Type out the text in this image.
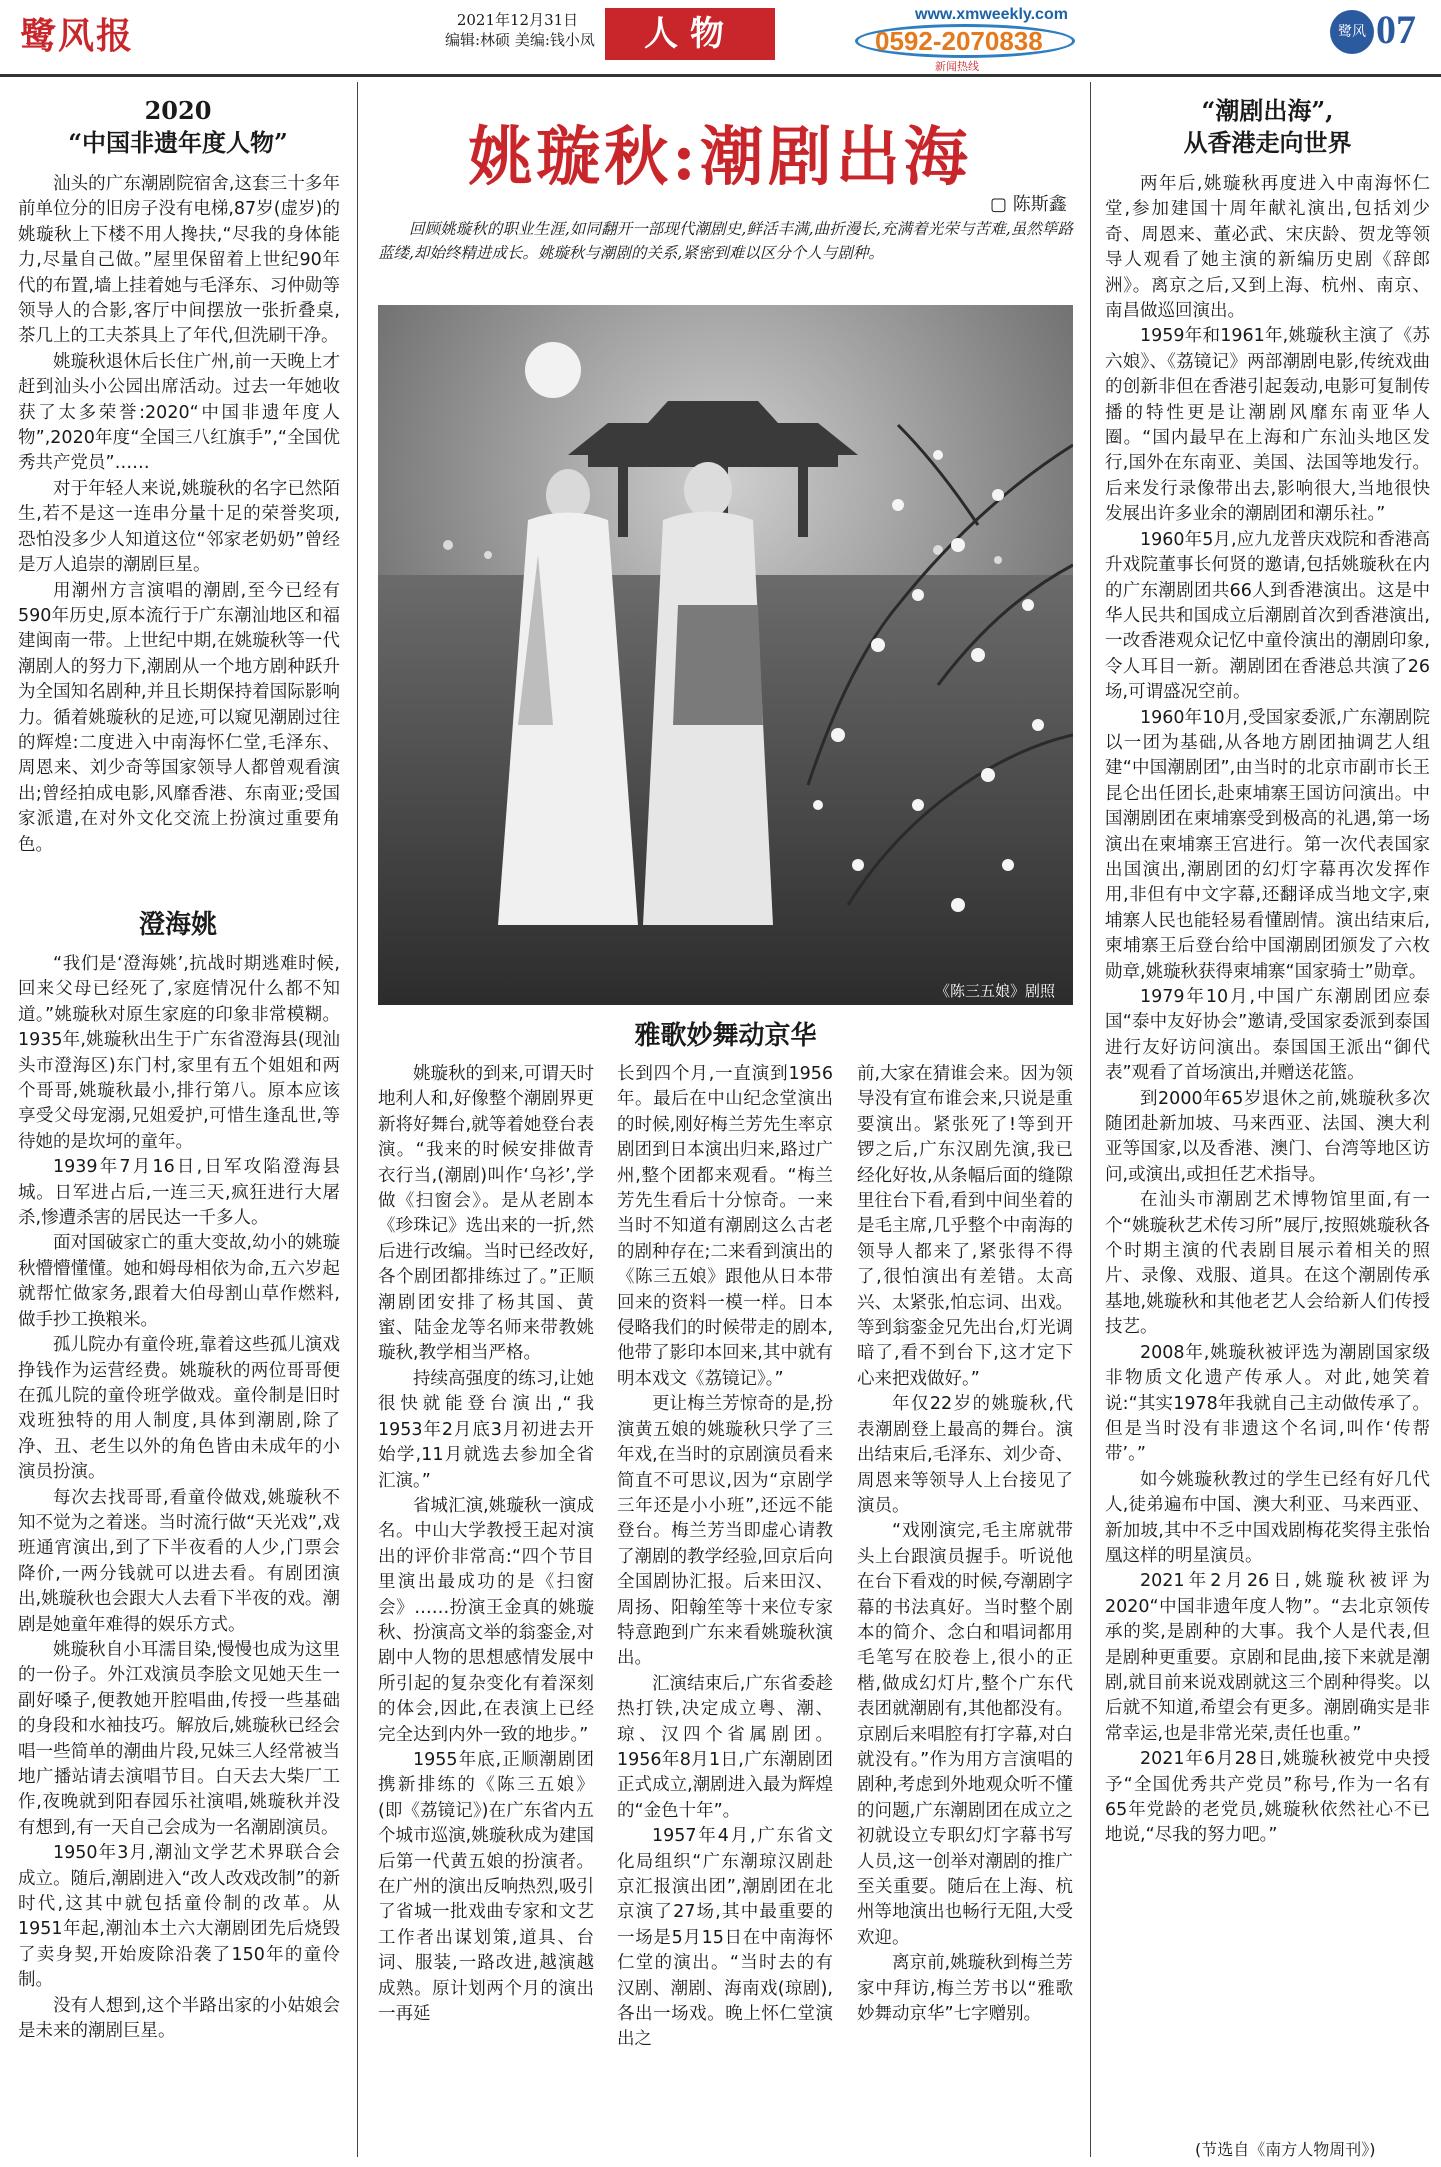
鹭风报	2021年12月31日
编辑:林硕 美编:钱小凤	人物	www.xmweekly.com
0592-2070838
新闻热线
鹭风 07
2020
“中国非遗年度人物”

汕头的广东潮剧院宿舍,这套三十多年前单位分的旧房子没有电梯,87岁(虚岁)的姚璇秋上下楼不用人搀扶,“尽我的身体能力,尽量自己做。”屋里保留着上世纪90年代的布置,墙上挂着她与毛泽东、习仲勋等领导人的合影,客厅中间摆放一张折叠桌,茶几上的工夫茶具上了年代,但洗刷干净。

姚璇秋退休后长住广州,前一天晚上才赶到汕头小公园出席活动。过去一年她收获了太多荣誉:2020“中国非遗年度人物”,2020年度“全国三八红旗手”,“全国优秀共产党员”……

对于年轻人来说,姚璇秋的名字已然陌生,若不是这一连串分量十足的荣誉奖项,恐怕没多少人知道这位“邻家老奶奶”曾经是万人追崇的潮剧巨星。

用潮州方言演唱的潮剧,至今已经有590年历史,原本流行于广东潮汕地区和福建闽南一带。上世纪中期,在姚璇秋等一代潮剧人的努力下,潮剧从一个地方剧种跃升为全国知名剧种,并且长期保持着国际影响力。循着姚璇秋的足迹,可以窥见潮剧过往的辉煌:二度进入中南海怀仁堂,毛泽东、周恩来、刘少奇等国家领导人都曾观看演出;曾经拍成电影,风靡香港、东南亚;受国家派遣,在对外文化交流上扮演过重要角色。

澄海姚

“我们是‘澄海姚’,抗战时期逃难时候,回来父母已经死了,家庭情况什么都不知道。”姚璇秋对原生家庭的印象非常模糊。1935年,姚璇秋出生于广东省澄海县(现汕头市澄海区)东门村,家里有五个姐姐和两个哥哥,姚璇秋最小,排行第八。原本应该享受父母宠溺,兄姐爱护,可惜生逢乱世,等待她的是坎坷的童年。

1939年7月16日,日军攻陷澄海县城。日军进占后,一连三天,疯狂进行大屠杀,惨遭杀害的居民达一千多人。

面对国破家亡的重大变故,幼小的姚璇秋懵懵懂懂。她和姆母相依为命,五六岁起就帮忙做家务,跟着大伯母割山草作燃料,做手抄工换粮米。

孤儿院办有童伶班,靠着这些孤儿演戏挣钱作为运营经费。姚璇秋的两位哥哥便在孤儿院的童伶班学做戏。童伶制是旧时戏班独特的用人制度,具体到潮剧,除了净、丑、老生以外的角色皆由未成年的小演员扮演。

每次去找哥哥,看童伶做戏,姚璇秋不知不觉为之着迷。当时流行做“天光戏”,戏班通宵演出,到了下半夜看的人少,门票会降价,一两分钱就可以进去看。有剧团演出,姚璇秋也会跟大人去看下半夜的戏。潮剧是她童年难得的娱乐方式。

姚璇秋自小耳濡目染,慢慢也成为这里的一份子。外江戏演员李脍文见她天生一副好嗓子,便教她开腔唱曲,传授一些基础的身段和水袖技巧。解放后,姚璇秋已经会唱一些简单的潮曲片段,兄妹三人经常被当地广播站请去演唱节目。白天去大柴厂工作,夜晚就到阳春园乐社演唱,姚璇秋并没有想到,有一天自己会成为一名潮剧演员。

1950年3月,潮汕文学艺术界联合会成立。随后,潮剧进入“改人改戏改制”的新时代,这其中就包括童伶制的改革。从1951年起,潮汕本土六大潮剧团先后烧毁了卖身契,开始废除沿袭了150年的童伶制。

没有人想到,这个半路出家的小姑娘会是未来的潮剧巨星。

姚璇秋:潮剧出海
▢ 陈斯鑫
回顾姚璇秋的职业生涯,如同翻开一部现代潮剧史,鲜活丰满,曲折漫长,充满着光荣与苦难,虽然筚路蓝缕,却始终精进成长。姚璇秋与潮剧的关系,紧密到难以区分个人与剧种。
《陈三五娘》剧照
雅歌妙舞动京华

姚璇秋的到来,可谓天时地利人和,好像整个潮剧界更新将好舞台,就等着她登台表演。“我来的时候安排做青衣行当,(潮剧)叫作‘乌衫’,学做《扫窗会》。是从老剧本《珍珠记》选出来的一折,然后进行改编。当时已经改好,各个剧团都排练过了。”正顺潮剧团安排了杨其国、黄蜜、陆金龙等名师来带教姚璇秋,教学相当严格。

持续高强度的练习,让她很快就能登台演出,“我1953年2月底3月初进去开始学,11月就选去参加全省汇演。”

省城汇演,姚璇秋一演成名。中山大学教授王起对演出的评价非常高:“四个节目里演出最成功的是《扫窗会》……扮演王金真的姚璇秋、扮演高文举的翁銮金,对剧中人物的思想感情发展中所引起的复杂变化有着深刻的体会,因此,在表演上已经完全达到内外一致的地步。”

1955年底,正顺潮剧团携新排练的《陈三五娘》(即《荔镜记》)在广东省内五个城市巡演,姚璇秋成为建国后第一代黄五娘的扮演者。在广州的演出反响热烈,吸引了省城一批戏曲专家和文艺工作者出谋划策,道具、台词、服装,一路改进,越演越成熟。原计划两个月的演出一再延

长到四个月,一直演到1956年。最后在中山纪念堂演出的时候,刚好梅兰芳先生率京剧团到日本演出归来,路过广州,整个团都来观看。“梅兰芳先生看后十分惊奇。一来当时不知道有潮剧这么古老的剧种存在;二来看到演出的《陈三五娘》跟他从日本带回来的资料一模一样。日本侵略我们的时候带走的剧本,他带了影印本回来,其中就有明本戏文《荔镜记》。”

更让梅兰芳惊奇的是,扮演黄五娘的姚璇秋只学了三年戏,在当时的京剧演员看来简直不可思议,因为“京剧学三年还是小小班”,还远不能登台。梅兰芳当即虚心请教了潮剧的教学经验,回京后向全国剧协汇报。后来田汉、周扬、阳翰笙等十来位专家特意跑到广东来看姚璇秋演出。

汇演结束后,广东省委趁热打铁,决定成立粤、潮、琼、汉四个省属剧团。1956年8月1日,广东潮剧团正式成立,潮剧进入最为辉煌的“金色十年”。

1957年4月,广东省文化局组织“广东潮琼汉剧赴京汇报演出团”,潮剧团在北京演了27场,其中最重要的一场是5月15日在中南海怀仁堂的演出。“当时去的有汉剧、潮剧、海南戏(琼剧),各出一场戏。晚上怀仁堂演出之

前,大家在猜谁会来。因为领导没有宣布谁会来,只说是重要演出。紧张死了!等到开锣之后,广东汉剧先演,我已经化好妆,从条幅后面的缝隙里往台下看,看到中间坐着的是毛主席,几乎整个中南海的领导人都来了,紧张得不得了,很怕演出有差错。太高兴、太紧张,怕忘词、出戏。等到翁銮金兄先出台,灯光调暗了,看不到台下,这才定下心来把戏做好。”

年仅22岁的姚璇秋,代表潮剧登上最高的舞台。演出结束后,毛泽东、刘少奇、周恩来等领导人上台接见了演员。

“戏刚演完,毛主席就带头上台跟演员握手。听说他在台下看戏的时候,夸潮剧字幕的书法真好。当时整个剧本的简介、念白和唱词都用毛笔写在胶卷上,很小的正楷,做成幻灯片,整个广东代表团就潮剧有,其他都没有。京剧后来唱腔有打字幕,对白就没有。”作为用方言演唱的剧种,考虑到外地观众听不懂的问题,广东潮剧团在成立之初就设立专职幻灯字幕书写人员,这一创举对潮剧的推广至关重要。随后在上海、杭州等地演出也畅行无阻,大受欢迎。

离京前,姚璇秋到梅兰芳家中拜访,梅兰芳书以“雅歌妙舞动京华”七字赠别。

“潮剧出海”,
从香港走向世界

两年后,姚璇秋再度进入中南海怀仁堂,参加建国十周年献礼演出,包括刘少奇、周恩来、董必武、宋庆龄、贺龙等领导人观看了她主演的新编历史剧《辞郎洲》。离京之后,又到上海、杭州、南京、南昌做巡回演出。

1959年和1961年,姚璇秋主演了《苏六娘》、《荔镜记》两部潮剧电影,传统戏曲的创新非但在香港引起轰动,电影可复制传播的特性更是让潮剧风靡东南亚华人圈。“国内最早在上海和广东汕头地区发行,国外在东南亚、美国、法国等地发行。后来发行录像带出去,影响很大,当地很快发展出许多业余的潮剧团和潮乐社。”

1960年5月,应九龙普庆戏院和香港高升戏院董事长何贤的邀请,包括姚璇秋在内的广东潮剧团共66人到香港演出。这是中华人民共和国成立后潮剧首次到香港演出,一改香港观众记忆中童伶演出的潮剧印象,令人耳目一新。潮剧团在香港总共演了26场,可谓盛况空前。

1960年10月,受国家委派,广东潮剧院以一团为基础,从各地方剧团抽调艺人组建“中国潮剧团”,由当时的北京市副市长王昆仑出任团长,赴柬埔寨王国访问演出。中国潮剧团在柬埔寨受到极高的礼遇,第一场演出在柬埔寨王宫进行。第一次代表国家出国演出,潮剧团的幻灯字幕再次发挥作用,非但有中文字幕,还翻译成当地文字,柬埔寨人民也能轻易看懂剧情。演出结束后,柬埔寨王后登台给中国潮剧团颁发了六枚勋章,姚璇秋获得柬埔寨“国家骑士”勋章。

1979年10月,中国广东潮剧团应泰国“泰中友好协会”邀请,受国家委派到泰国进行友好访问演出。泰国国王派出“御代表”观看了首场演出,并赠送花篮。

到2000年65岁退休之前,姚璇秋多次随团赴新加坡、马来西亚、法国、澳大利亚等国家,以及香港、澳门、台湾等地区访问,或演出,或担任艺术指导。

在汕头市潮剧艺术博物馆里面,有一个“姚璇秋艺术传习所”展厅,按照姚璇秋各个时期主演的代表剧目展示着相关的照片、录像、戏服、道具。在这个潮剧传承基地,姚璇秋和其他老艺人会给新人们传授技艺。

2008年,姚璇秋被评选为潮剧国家级非物质文化遗产传承人。对此,她笑着说:“其实1978年我就自己主动做传承了。但是当时没有非遗这个名词,叫作‘传帮带’。”

如今姚璇秋教过的学生已经有好几代人,徒弟遍布中国、澳大利亚、马来西亚、新加坡,其中不乏中国戏剧梅花奖得主张怡凰这样的明星演员。

2021年2月26日,姚璇秋被评为2020“中国非遗年度人物”。“去北京领传承的奖,是剧种的大事。我个人是代表,但是剧种更重要。京剧和昆曲,接下来就是潮剧,就目前来说戏剧就这三个剧种得奖。以后就不知道,希望会有更多。潮剧确实是非常幸运,也是非常光荣,责任也重。”

2021年6月28日,姚璇秋被党中央授予“全国优秀共产党员”称号,作为一名有65年党龄的老党员,姚璇秋依然社心不已地说,“尽我的努力吧。”

(节选自《南方人物周刊》)
